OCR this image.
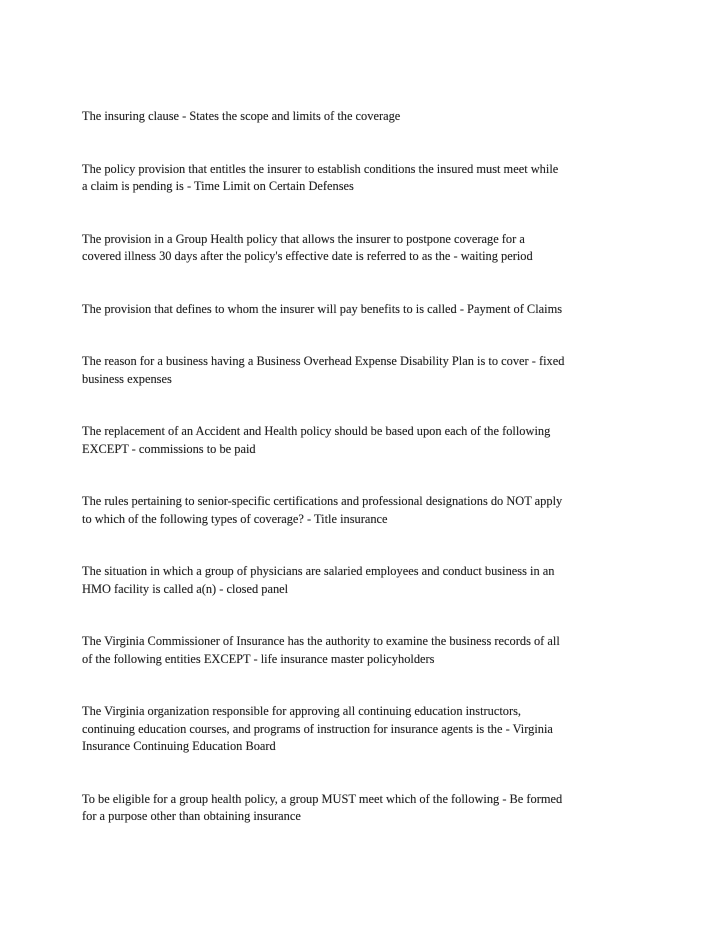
The insuring clause - States the scope and limits of the coverage
The policy provision that entitles the insurer to establish conditions the insured must meet while
a claim is pending is - Time Limit on Certain Defenses
The provision in a Group Health policy that allows the insurer to postpone coverage for a
covered illness 30 days after the policy's effective date is referred to as the - waiting period
The provision that defines to whom the insurer will pay benefits to is called - Payment of Claims
The reason for a business having a Business Overhead Expense Disability Plan is to cover - fixed
business expenses
The replacement of an Accident and Health policy should be based upon each of the following
EXCEPT - commissions to be paid
The rules pertaining to senior-specific certifications and professional designations do NOT apply
to which of the following types of coverage? - Title insurance
The situation in which a group of physicians are salaried employees and conduct business in an
HMO facility is called a(n) - closed panel
The Virginia Commissioner of Insurance has the authority to examine the business records of all
of the following entities EXCEPT - life insurance master policyholders
The Virginia organization responsible for approving all continuing education instructors,
continuing education courses, and programs of instruction for insurance agents is the - Virginia
Insurance Continuing Education Board
To be eligible for a group health policy, a group MUST meet which of the following - Be formed
for a purpose other than obtaining insurance
